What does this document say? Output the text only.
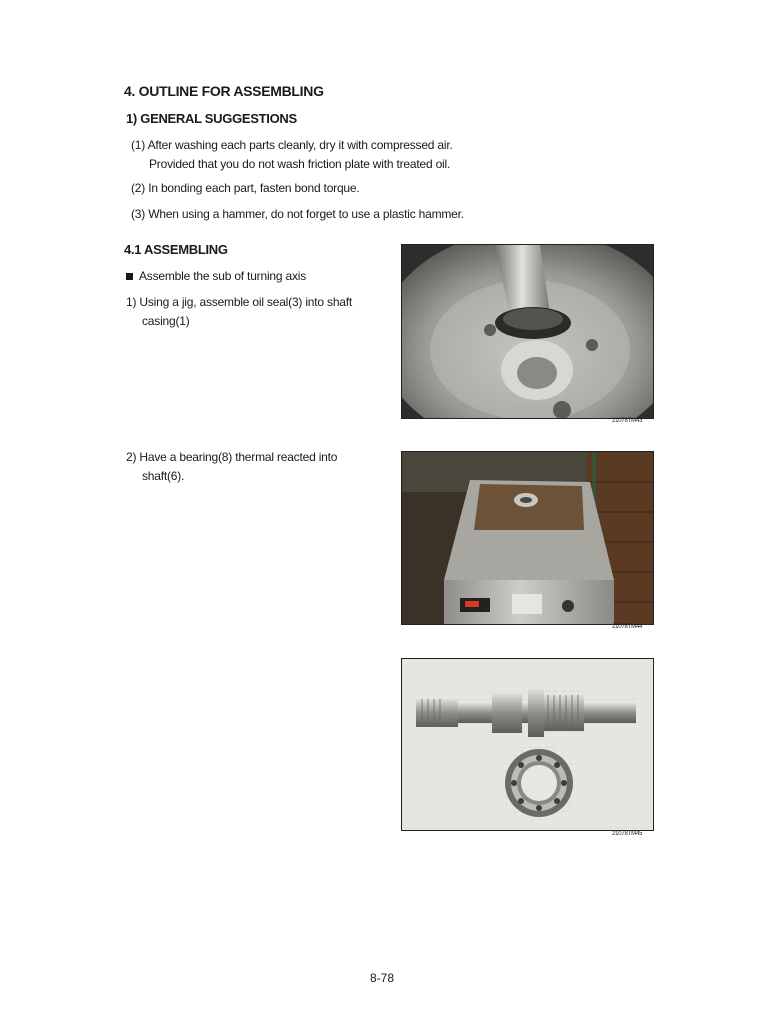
4. OUTLINE FOR ASSEMBLING
1) GENERAL SUGGESTIONS
(1) After washing each parts cleanly, dry it with compressed air.
Provided that you do not wash friction plate with treated oil.
(2) In bonding each part, fasten bond torque.
(3) When using a hammer, do not forget to use a plastic hammer.
4.1 ASSEMBLING
Assemble the sub of turning axis
1) Using a jig, assemble oil seal(3) into shaft
casing(1)
2) Have a bearing(8) thermal reacted into
shaft(6).
21078TM43
21078TM44
21078TM45
8-78
